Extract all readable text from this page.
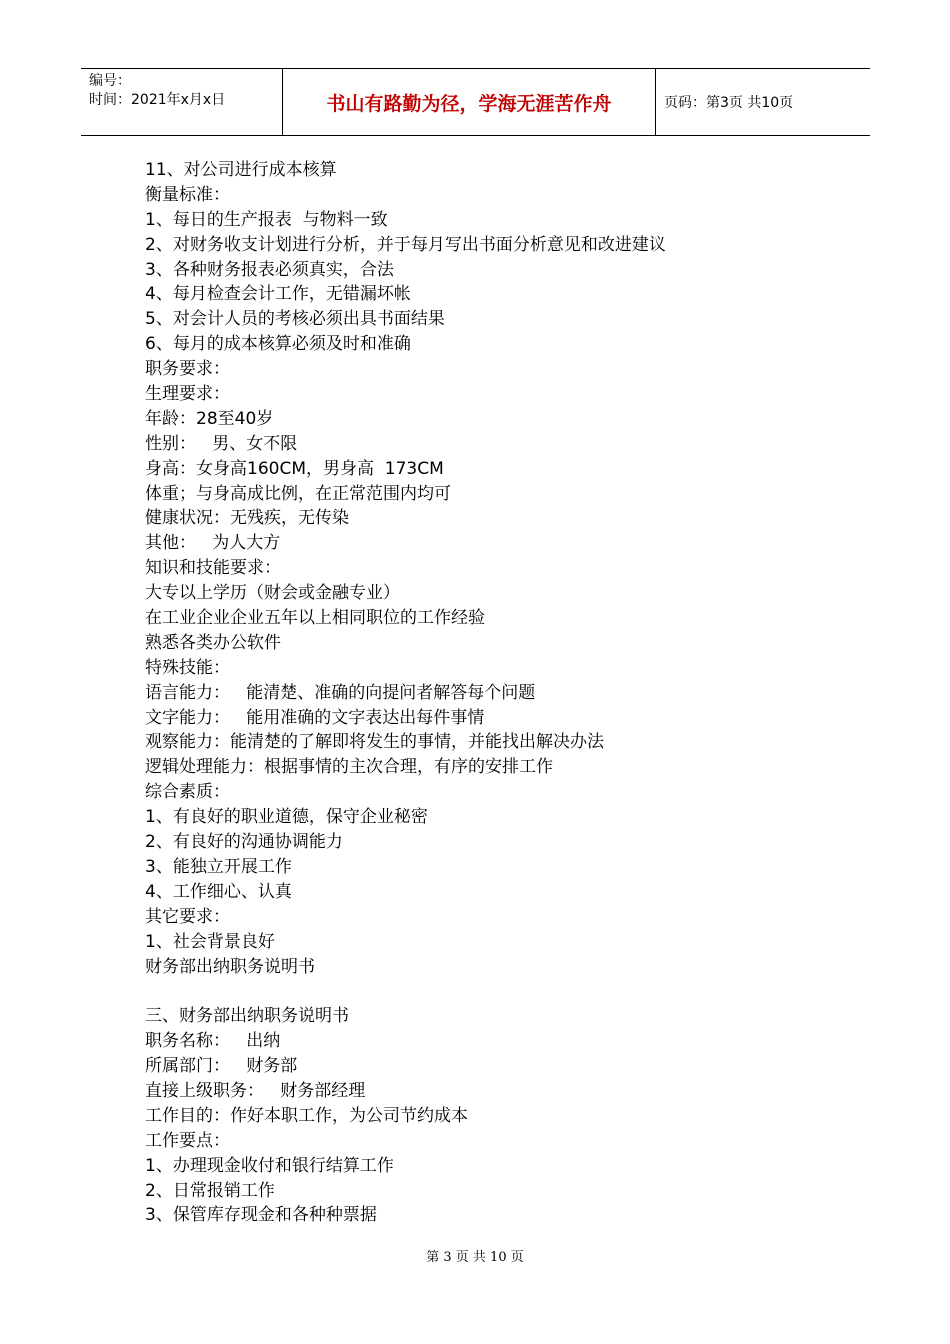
编号：
时间：2021年x月x日	书山有路勤为径，学海无涯苦作舟	页码：第3页 共10页
11、对公司进行成本核算
衡量标准：
1、每日的生产报表  与物料一致
2、对财务收支计划进行分析，并于每月写出书面分析意见和改进建议
3、各种财务报表必须真实，合法
4、每月检查会计工作，无错漏坏帐
5、对会计人员的考核必须出具书面结果
6、每月的成本核算必须及时和准确
职务要求：
生理要求：
年龄：28至40岁
性别：   男、女不限
身高：女身高160CM，男身高  173CM
体重；与身高成比例，在正常范围内均可
健康状况：无残疾，无传染
其他：   为人大方
知识和技能要求：
大专以上学历（财会或金融专业）
在工业企业企业五年以上相同职位的工作经验
熟悉各类办公软件
特殊技能：
语言能力：   能清楚、准确的向提问者解答每个问题
文字能力：   能用准确的文字表达出每件事情
观察能力：能清楚的了解即将发生的事情，并能找出解决办法
逻辑处理能力：根据事情的主次合理，有序的安排工作
综合素质：
1、有良好的职业道德，保守企业秘密
2、有良好的沟通协调能力
3、能独立开展工作
4、工作细心、认真
其它要求：
1、社会背景良好
财务部出纳职务说明书
三、财务部出纳职务说明书
职务名称：   出纳
所属部门：   财务部
直接上级职务：   财务部经理
工作目的：作好本职工作，为公司节约成本
工作要点：
1、办理现金收付和银行结算工作
2、日常报销工作
3、保管库存现金和各种种票据
第 3 页 共 10 页
